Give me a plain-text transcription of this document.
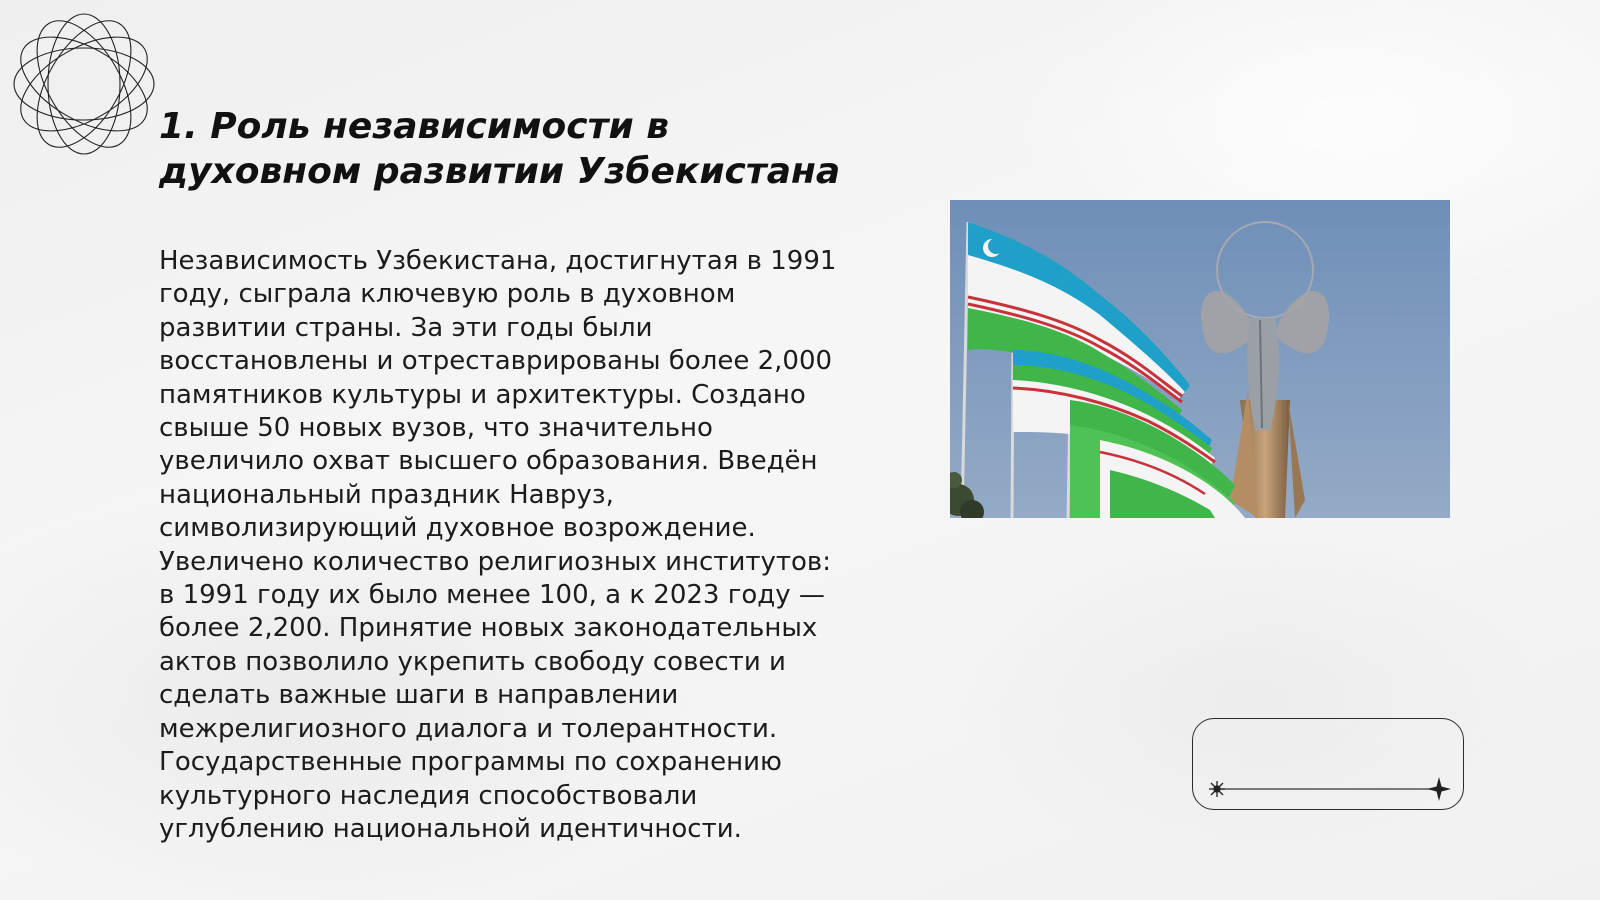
1. Роль независимости в духовном развитии Узбекистана

Независимость Узбекистана, достигнутая в 1991 году, сыграла ключевую роль в духовном развитии страны. За эти годы были восстановлены и отреставрированы более 2,000 памятников культуры и архитектуры. Создано свыше 50 новых вузов, что значительно увеличило охват высшего образования. Введён национальный праздник Навруз, символизирующий духовное возрождение. Увеличено количество религиозных институтов: в 1991 году их было менее 100, а к 2023 году — более 2,200. Принятие новых законодательных актов позволило укрепить свободу совести и сделать важные шаги в направлении межрелигиозного диалога и толерантности. Государственные программы по сохранению культурного наследия способствовали углублению национальной идентичности.
